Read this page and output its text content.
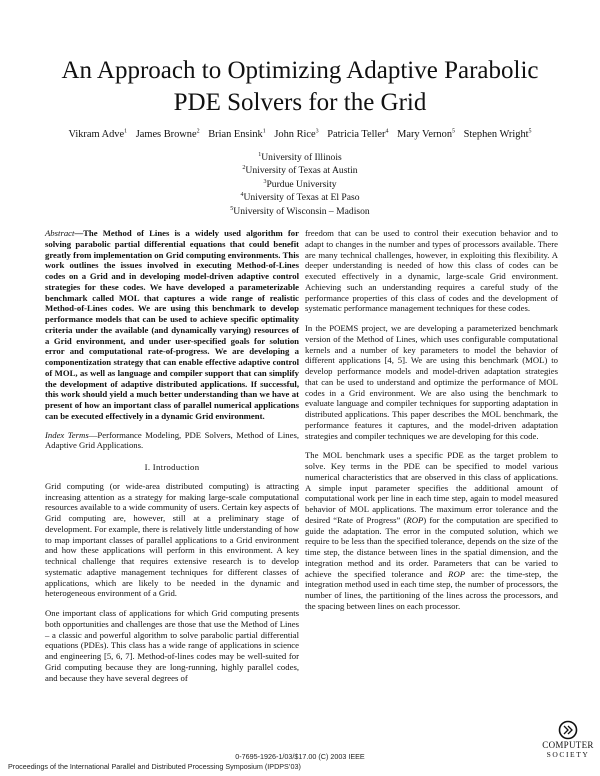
An Approach to Optimizing Adaptive Parabolic
PDE Solvers for the Grid
Vikram Adve$^1$ James Browne$^2$ Brian Ensink$^1$ John Rice$^3$ Patricia Teller$^4$ Mary Vernon$^5$ Stephen Wright$^5$
$^1$University of Illinois
$^2$University of Texas at Austin
$^3$Purdue University
$^4$University of Texas at El Paso
$^5$University of Wisconsin – Madison

Abstract—The Method of Lines is a widely used algorithm for solving parabolic partial differential equations that could benefit greatly from implementation on Grid computing environments. This work outlines the issues involved in executing Method-of-Lines codes on a Grid and in developing model-driven adaptive control strategies for these codes. We have developed a parameterizable benchmark called MOL that captures a wide range of realistic Method-of-Lines codes. We are using this benchmark to develop performance models that can be used to achieve specific optimality criteria under the available (and dynamically varying) resources of a Grid environment, and under user-specified goals for solution error and computational rate-of-progress. We are developing a componentization strategy that can enable effective adaptive control of MOL, as well as language and compiler support that can simplify the development of adaptive distributed applications. If successful, this work should yield a much better understanding than we have at present of how an important class of parallel numerical applications can be executed effectively in a dynamic Grid environment.

Index Terms—Performance Modeling, PDE Solvers, Method of Lines, Adaptive Grid Applications.

I. Introduction

Grid computing (or wide-area distributed computing) is attracting increasing attention as a strategy for making large-scale computational resources available to a wide community of users. Certain key aspects of Grid computing are, however, still at a preliminary stage of development. For example, there is relatively little understanding of how to map important classes of parallel applications to a Grid environment and how these applications will perform in this environment. A key technical challenge that requires extensive research is to develop systematic adaptive management techniques for different classes of applications, which are likely to be needed in the dynamic and heterogeneous environment of a Grid.

One important class of applications for which Grid computing presents both opportunities and challenges are those that use the Method of Lines – a classic and powerful algorithm to solve parabolic partial differential equations (PDEs). This class has a wide range of applications in science and engineering [5, 6, 7]. Method-of-lines codes may be well-suited for Grid computing because they are long-running, highly parallel codes, and because they have several degrees of

freedom that can be used to control their execution behavior and to adapt to changes in the number and types of processors available. There are many technical challenges, however, in exploiting this flexibility. A deeper understanding is needed of how this class of codes can be executed effectively in a dynamic, large-scale Grid environment. Achieving such an understanding requires a careful study of the performance properties of this class of codes and the development of systematic performance management techniques for these codes.

In the POEMS project, we are developing a parameterized benchmark version of the Method of Lines, which uses configurable computational kernels and a number of key parameters to model the behavior of different applications [4, 5]. We are using this benchmark (MOL) to develop performance models and model-driven adaptation strategies that can be used to understand and optimize the performance of MOL codes in a Grid environment. We are also using the benchmark to evaluate language and compiler techniques for supporting adaptation in distributed applications. This paper describes the MOL benchmark, the performance features it captures, and the model-driven adaptation strategies and compiler techniques we are developing for this code.

The MOL benchmark uses a specific PDE as the target problem to solve. Key terms in the PDE can be specified to model various numerical characteristics that are observed in this class of applications. A simple input parameter specifies the additional amount of computational work per line in each time step, again to model measured behavior of MOL applications. The maximum error tolerance and the desired “Rate of Progress” (ROP) for the computation are specified to guide the adaptation. The error in the computed solution, which we require to be less than the specified tolerance, depends on the size of the time step, the distance between lines in the spatial dimension, and the integration method and its order. Parameters that can be varied to achieve the specified tolerance and ROP are: the time-step, the integration method used in each time step, the number of processors, the number of lines, the partitioning of the lines across the processors, and the spacing between lines on each processor.

0-7695-1926-1/03/$17.00 (C) 2003 IEEE
Proceedings of the International Parallel and Distributed Processing Symposium (IPDPS’03)
COMPUTER
SOCIETY
